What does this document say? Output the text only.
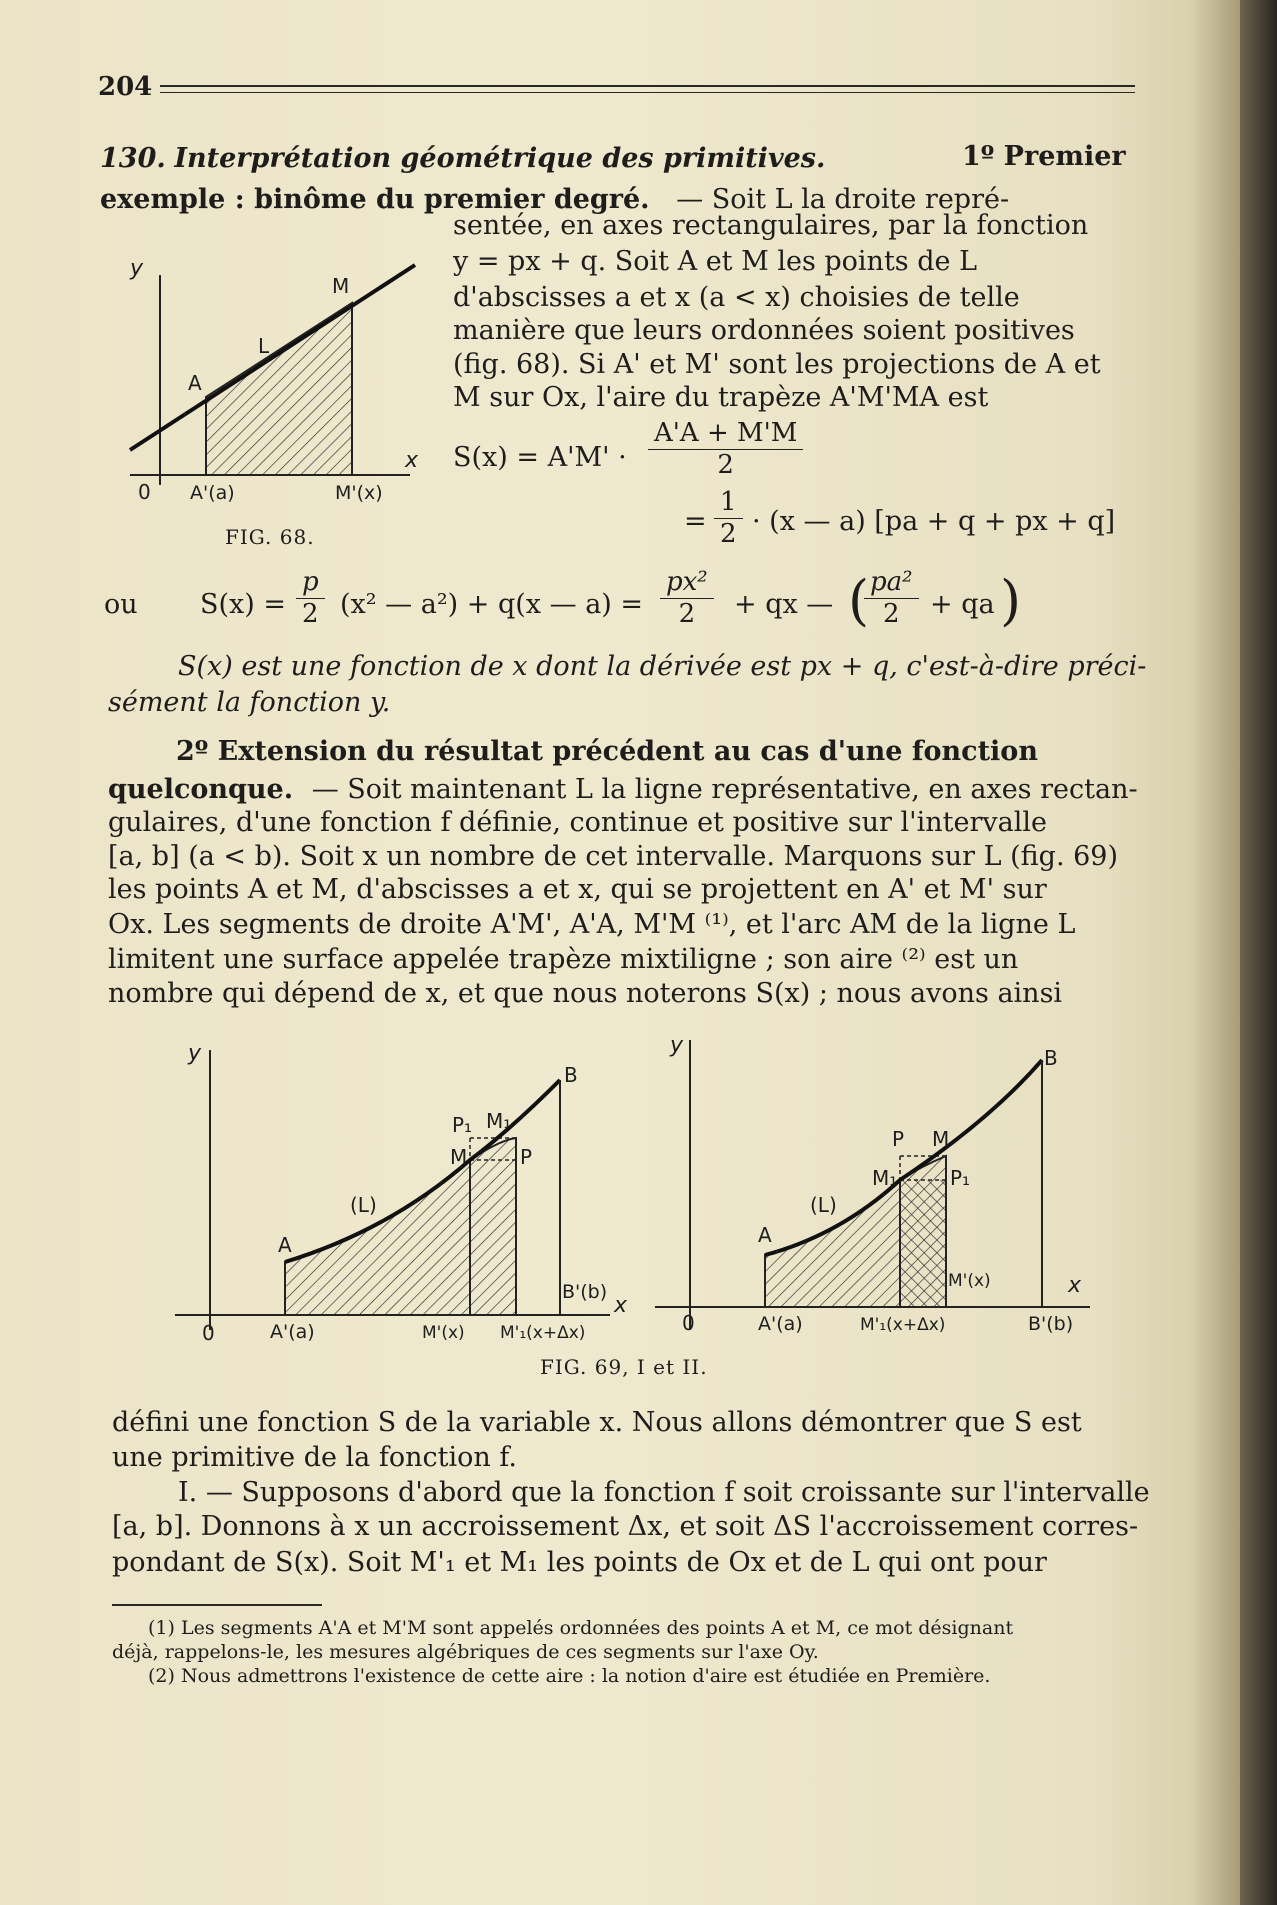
204
130. Interprétation géométrique des primitives.	1º Premier
exemple : binôme du premier degré. — Soit L la droite repré-
sentée, en axes rectangulaires, par la fonction
y = px + q. Soit A et M les points de L
d'abscisses a et x (a < x) choisies de telle
manière que leurs ordonnées soient positives
(fig. 68). Si A' et M' sont les projections de A et
M sur Ox, l'aire du trapèze A'M'MA est
y
x
0
L
A
M
A'(a)	M'(x)
FIG. 68.
$S(x) = A'M' \cdot \frac{A'A + M'M}{2}$
= $\frac{1}{2} \cdot (x$ — a) [pa + q + px + q]
ou $S(x) = \frac{p}{2} (x^2$ — a²) + q(x — $a) = \frac{\text{px²}}{2}$ + qx — (
$\frac{\text{pa²}}{2}$ + qa )
S(x) est une fonction de x dont la dérivée est px + q, c'est-à-dire préci-
sément la fonction y.
2º Extension du résultat précédent au cas d'une fonction
quelconque. — Soit maintenant L la ligne représentative, en axes rectan-
gulaires, d'une fonction f définie, continue et positive sur l'intervalle
[a, b] (a < b). Soit x un nombre de cet intervalle. Marquons sur L (fig. 69)
les points A et M, d'abscisses a et x, qui se projettent en A' et M' sur
Ox. Les segments de droite A'M', A'A, M'M ⁽¹⁾, et l'arc AM de la ligne L
limitent une surface appelée trapèze mixtiligne ; son aire ⁽²⁾ est un
nombre qui dépend de x, et que nous noterons S(x) ; nous avons ainsi
y
x
0
B
A
(L)
M	P
P₁ M₁
A'(a)	M'(x) M'₁(x+Δx)
B'(b)
y
x
0
B
A
(L)
P M
M₁	P₁
A'(a)	M'₁(x+Δx)
M'(x)
B'(b)
FIG. 69, I et II.
défini une fonction S de la variable x. Nous allons démontrer que S est
une primitive de la fonction f.
I. — Supposons d'abord que la fonction f soit croissante sur l'intervalle
[a, b]. Donnons à x un accroissement Δx, et soit ΔS l'accroissement corres-
pondant de S(x). Soit M'₁ et M₁ les points de Ox et de L qui ont pour
(1) Les segments A'A et M'M sont appelés ordonnées des points A et M, ce mot désignant
déjà, rappelons-le, les mesures algébriques de ces segments sur l'axe Oy.
(2) Nous admettrons l'existence de cette aire : la notion d'aire est étudiée en Première.
